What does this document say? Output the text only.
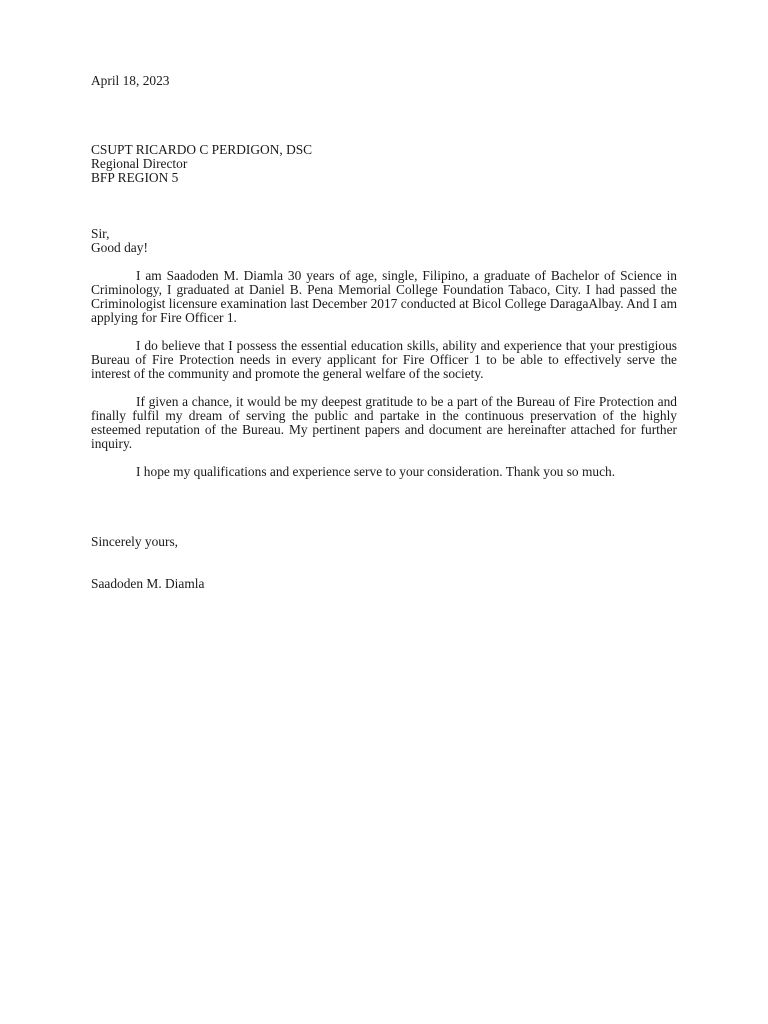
April 18, 2023
CSUPT RICARDO C PERDIGON, DSC
Regional Director
BFP REGION 5
Sir,
Good day!

I am Saadoden M. Diamla 30 years of age, single, Filipino, a graduate of Bachelor of Science in Criminology, I graduated at Daniel B. Pena Memorial College Foundation Tabaco, City. I had passed the Criminologist licensure examination last December 2017 conducted at Bicol College DaragaAlbay. And I am applying for Fire Officer 1.

I do believe that I possess the essential education skills, ability and experience that your prestigious Bureau of Fire Protection needs in every applicant for Fire Officer 1 to be able to effectively serve the interest of the community and promote the general welfare of the society.

If given a chance, it would be my deepest gratitude to be a part of the Bureau of Fire Protection and finally fulfil my dream of serving the public and partake in the continuous preservation of the highly esteemed reputation of the Bureau. My pertinent papers and document are hereinafter attached for further inquiry.

I hope my qualifications and experience serve to your consideration. Thank you so much.

Sincerely yours,
Saadoden M. Diamla
